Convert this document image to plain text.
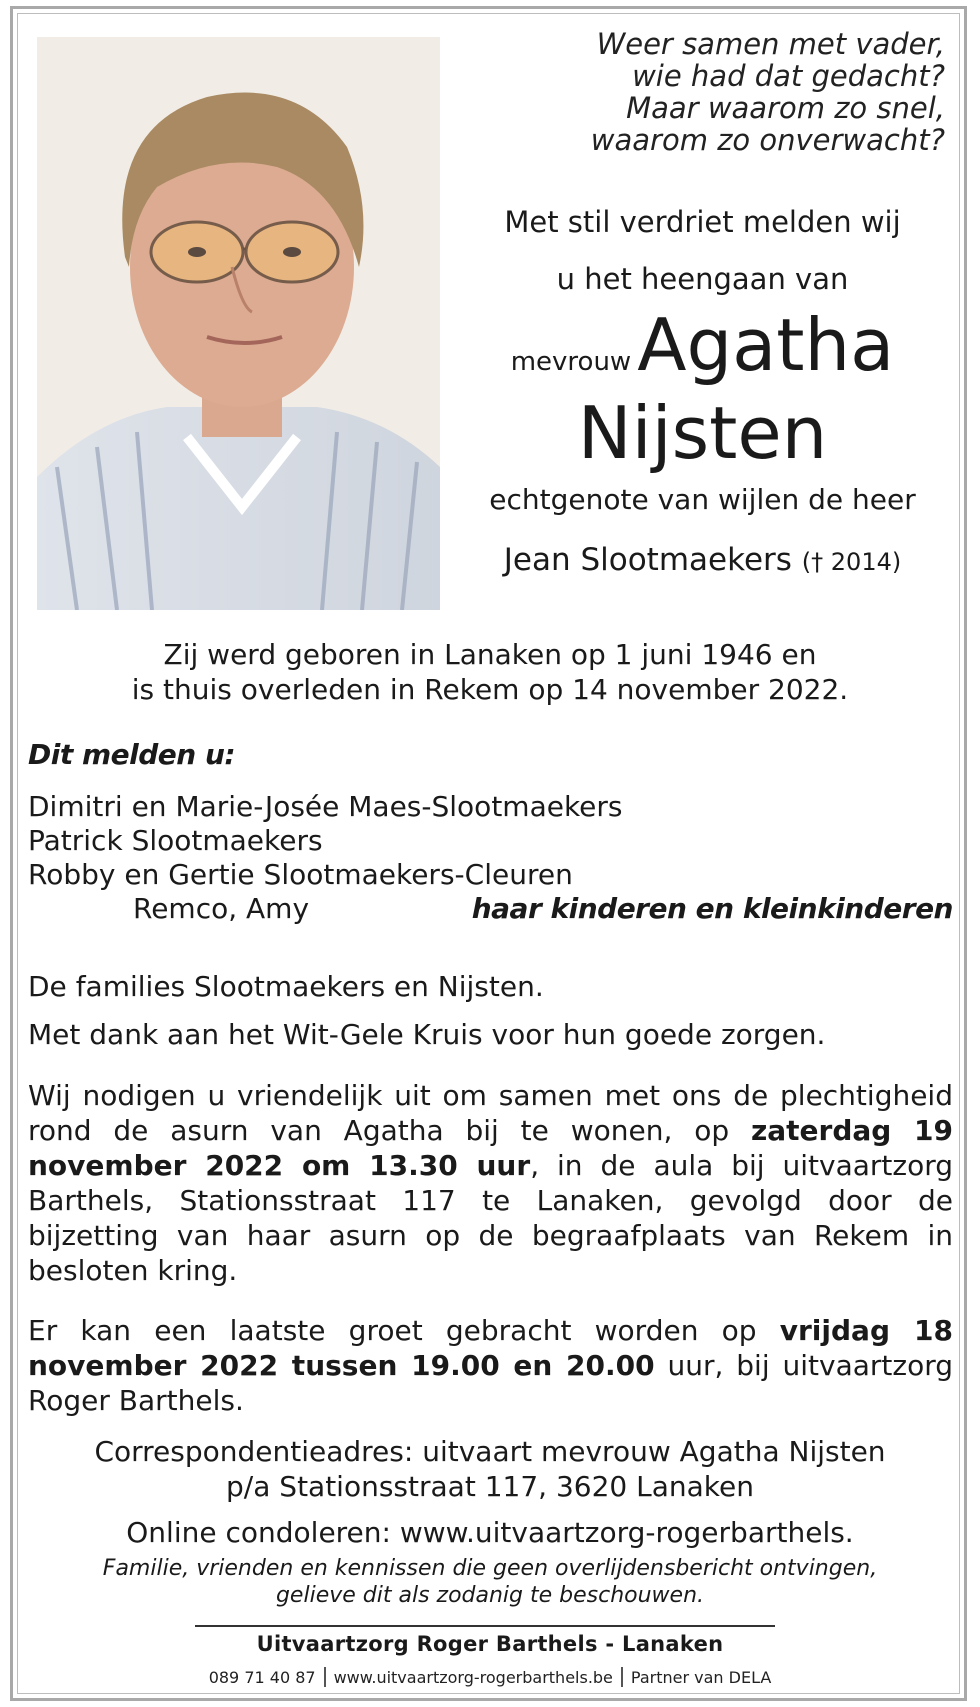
Weer samen met vader,
wie had dat gedacht?
Maar waarom zo snel,
waarom zo onverwacht?
Met stil verdriet melden wij
u het heengaan van
mevrouwAgatha
Nijsten
echtgenote van wijlen de heer
Jean Slootmaekers († 2014)
Zij werd geboren in Lanaken op 1 juni 1946 en
is thuis overleden in Rekem op 14 november 2022.
Dit melden u:
Dimitri en Marie-Josée Maes-Slootmaekers
Patrick Slootmaekers
Robby en Gertie Slootmaekers-Cleuren
Remco, Amy	haar kinderen en kleinkinderen
De families Slootmaekers en Nijsten.
Met dank aan het Wit-Gele Kruis voor hun goede zorgen.
Wij nodigen u vriendelijk uit om samen met ons de plechtigheid rond de asurn van Agatha bij te wonen, op zaterdag 19 november 2022 om 13.30 uur, in de aula bij uitvaartzorg Barthels, Stationsstraat 117 te Lanaken, gevolgd door de bijzetting van haar asurn op de begraafplaats van Rekem in besloten kring.
Er kan een laatste groet gebracht worden op vrijdag 18 november 2022 tussen 19.00 en 20.00 uur, bij uitvaartzorg Roger Barthels.
Correspondentieadres: uitvaart mevrouw Agatha Nijsten
p/a Stationsstraat 117, 3620 Lanaken
Online condoleren: www.uitvaartzorg-rogerbarthels.
Familie, vrienden en kennissen die geen overlijdensbericht ontvingen,
gelieve dit als zodanig te beschouwen.
Uitvaartzorg Roger Barthels - Lanaken
089 71 40 87 www.uitvaartzorg-rogerbarthels.be Partner van DELA
